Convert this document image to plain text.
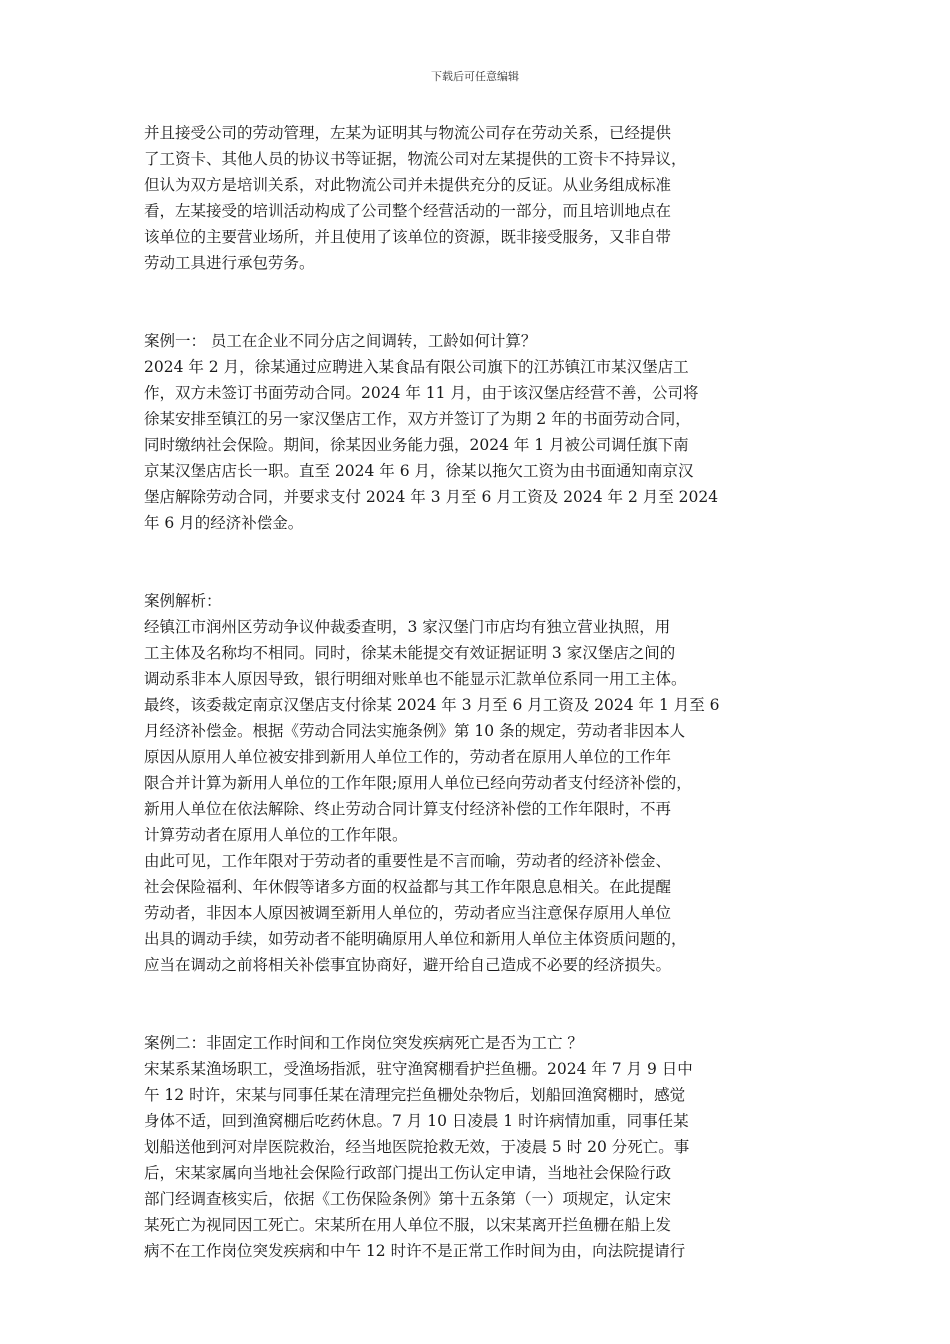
下载后可任意编辑
并且接受公司的劳动管理，左某为证明其与物流公司存在劳动关系，已经提供
了工资卡、其他人员的协议书等证据，物流公司对左某提供的工资卡不持异议，
但认为双方是培训关系，对此物流公司并未提供充分的反证。从业务组成标准
看，左某接受的培训活动构成了公司整个经营活动的一部分，而且培训地点在
该单位的主要营业场所，并且使用了该单位的资源，既非接受服务，又非自带
劳动工具进行承包劳务。
案例一： 员工在企业不同分店之间调转，工龄如何计算？
2024 年 2 月，徐某通过应聘进入某食品有限公司旗下的江苏镇江市某汉堡店工
作，双方未签订书面劳动合同。2024 年 11 月，由于该汉堡店经营不善，公司将
徐某安排至镇江的另一家汉堡店工作，双方并签订了为期 2 年的书面劳动合同，
同时缴纳社会保险。期间，徐某因业务能力强，2024 年 1 月被公司调任旗下南
京某汉堡店店长一职。直至 2024 年 6 月，徐某以拖欠工资为由书面通知南京汉
堡店解除劳动合同，并要求支付 2024 年 3 月至 6 月工资及 2024 年 2 月至 2024
年 6 月的经济补偿金。
案例解析：
经镇江市润州区劳动争议仲裁委查明，3 家汉堡门市店均有独立营业执照，用
工主体及名称均不相同。同时，徐某未能提交有效证据证明 3 家汉堡店之间的
调动系非本人原因导致，银行明细对账单也不能显示汇款单位系同一用工主体。
最终，该委裁定南京汉堡店支付徐某 2024 年 3 月至 6 月工资及 2024 年 1 月至 6
月经济补偿金。根据《劳动合同法实施条例》第 10 条的规定，劳动者非因本人
原因从原用人单位被安排到新用人单位工作的，劳动者在原用人单位的工作年
限合并计算为新用人单位的工作年限;原用人单位已经向劳动者支付经济补偿的，
新用人单位在依法解除、终止劳动合同计算支付经济补偿的工作年限时，不再
计算劳动者在原用人单位的工作年限。
由此可见，工作年限对于劳动者的重要性是不言而喻，劳动者的经济补偿金、
社会保险福利、年休假等诸多方面的权益都与其工作年限息息相关。在此提醒
劳动者，非因本人原因被调至新用人单位的，劳动者应当注意保存原用人单位
出具的调动手续，如劳动者不能明确原用人单位和新用人单位主体资质问题的，
应当在调动之前将相关补偿事宜协商好，避开给自己造成不必要的经济损失。
案例二：非固定工作时间和工作岗位突发疾病死亡是否为工亡 ？
宋某系某渔场职工，受渔场指派，驻守渔窝棚看护拦鱼栅。2024 年 7 月 9 日中
午 12 时许，宋某与同事任某在清理完拦鱼栅处杂物后，划船回渔窝棚时，感觉
身体不适，回到渔窝棚后吃药休息。7 月 10 日凌晨 1 时许病情加重，同事任某
划船送他到河对岸医院救治，经当地医院抢救无效，于凌晨 5 时 20 分死亡。事
后，宋某家属向当地社会保险行政部门提出工伤认定申请，当地社会保险行政
部门经调查核实后，依据《工伤保险条例》第十五条第（一）项规定，认定宋
某死亡为视同因工死亡。宋某所在用人单位不服，以宋某离开拦鱼栅在船上发
病不在工作岗位突发疾病和中午 12 时许不是正常工作时间为由，向法院提请行
